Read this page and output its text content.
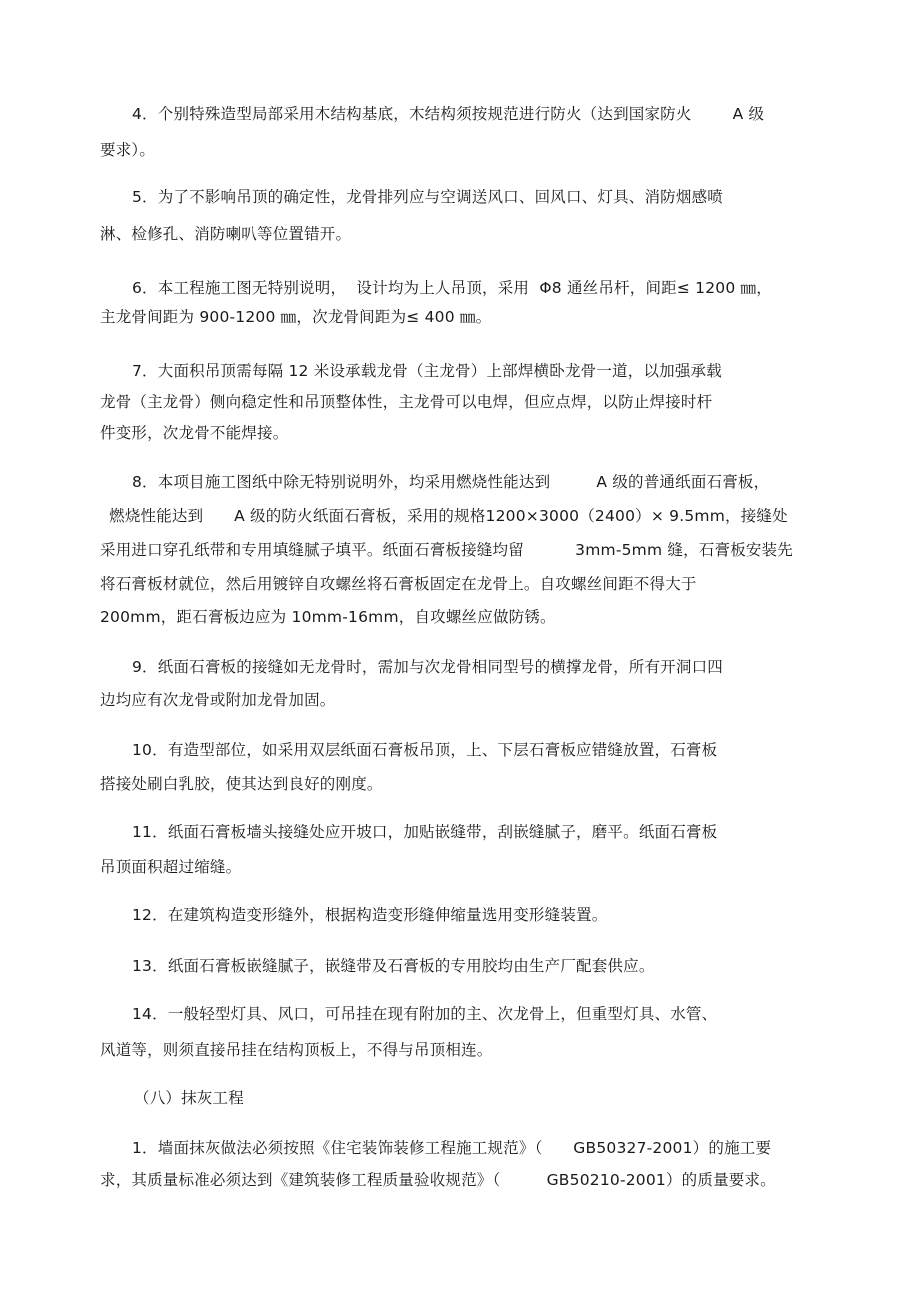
4．个别特殊造型局部采用木结构基底，木结构须按规范进行防火（达到国家防火        A 级
要求）。
5．为了不影响吊顶的确定性，龙骨排列应与空调送风口、回风口、灯具、消防烟感喷
淋、检修孔、消防喇叭等位置错开。
6．本工程施工图无特别说明，  设计均为上人吊顶，采用  Φ8 通丝吊杆，间距≤ 1200 ㎜，
主龙骨间距为 900-1200 ㎜，次龙骨间距为≤ 400 ㎜。
7．大面积吊顶需每隔 12 米设承载龙骨（主龙骨）上部焊横卧龙骨一道，以加强承载
龙骨（主龙骨）侧向稳定性和吊顶整体性，主龙骨可以电焊，但应点焊，以防止焊接时杆
件变形，次龙骨不能焊接。
8．本项目施工图纸中除无特别说明外，均采用燃烧性能达到         A 级的普通纸面石膏板，
燃烧性能达到      A 级的防火纸面石膏板，采用的规格1200×3000（2400）× 9.5mm，接缝处
采用进口穿孔纸带和专用填缝腻子填平。纸面石膏板接缝均留          3mm-5mm 缝，石膏板安装先
将石膏板材就位，然后用镀锌自攻螺丝将石膏板固定在龙骨上。自攻螺丝间距不得大于
200mm，距石膏板边应为 10mm-16mm，自攻螺丝应做防锈。
9．纸面石膏板的接缝如无龙骨时，需加与次龙骨相同型号的横撑龙骨，所有开洞口四
边均应有次龙骨或附加龙骨加固。
10．有造型部位，如采用双层纸面石膏板吊顶，上、下层石膏板应错缝放置，石膏板
搭接处刷白乳胶，使其达到良好的刚度。
11．纸面石膏板墙头接缝处应开坡口，加贴嵌缝带，刮嵌缝腻子，磨平。纸面石膏板
吊顶面积超过缩缝。
12．在建筑构造变形缝外，根据构造变形缝伸缩量选用变形缝装置。
13．纸面石膏板嵌缝腻子，嵌缝带及石膏板的专用胶均由生产厂配套供应。
14．一般轻型灯具、风口，可吊挂在现有附加的主、次龙骨上，但重型灯具、水管、
风道等，则须直接吊挂在结构顶板上，不得与吊顶相连。
（八）抹灰工程
1．墙面抹灰做法必须按照《住宅装饰装修工程施工规范》（      GB50327-2001）的施工要
求，其质量标准必须达到《建筑装修工程质量验收规范》（         GB50210-2001）的质量要求。
